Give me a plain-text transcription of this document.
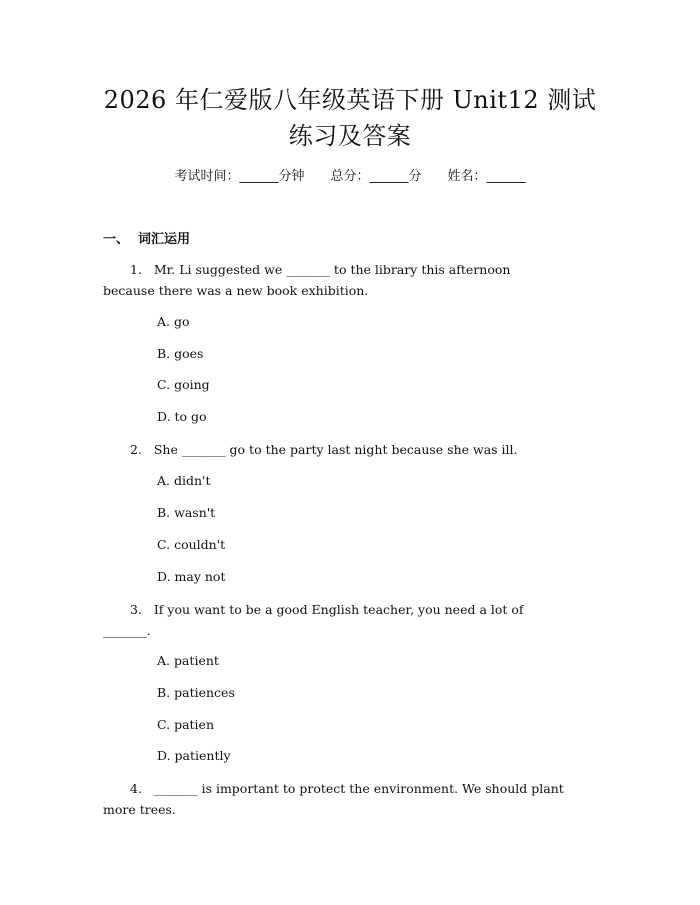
2026 年仁爱版八年级英语下册 Unit12 测试
练习及答案
考试时间：______分钟 总分：______分 姓名：______
一、  词汇运用
1.   Mr. Li suggested we _______ to the library this afternoon
because there was a new book exhibition.
A. go
B. goes
C. going
D. to go
2.   She _______ go to the party last night because she was ill.
A. didn't
B. wasn't
C. couldn't
D. may not
3.   If you want to be a good English teacher, you need a lot of
_______.
A. patient
B. patiences
C. patien
D. patiently
4.   _______ is important to protect the environment. We should plant
more trees.
